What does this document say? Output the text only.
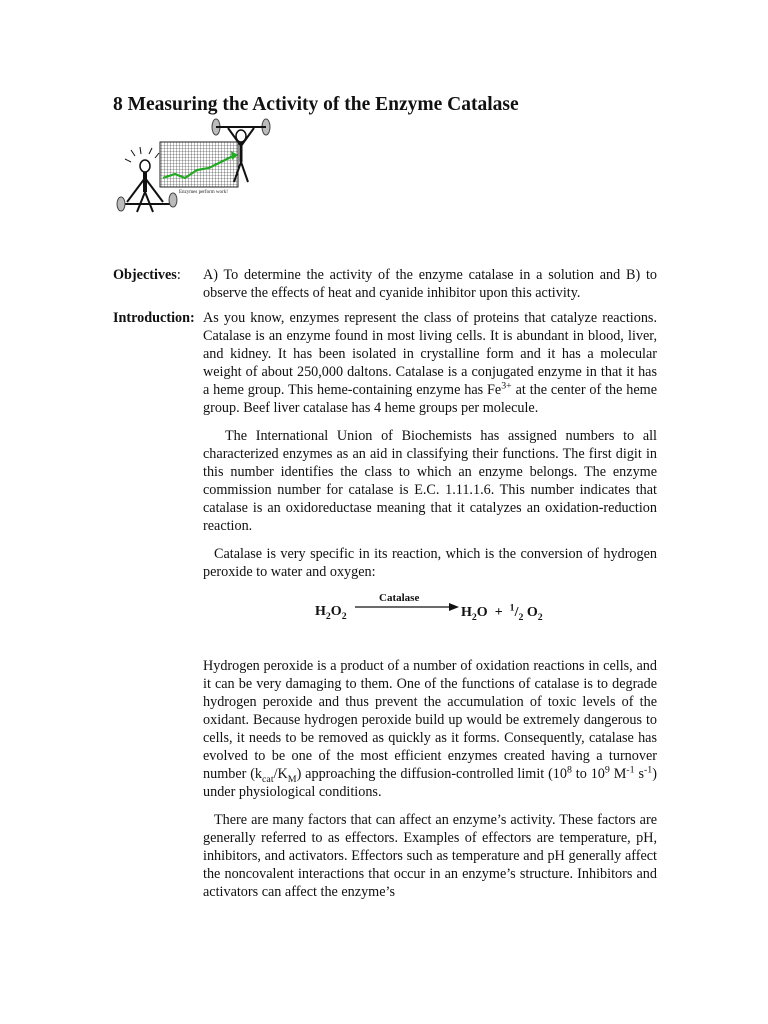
8 Measuring the Activity of the Enzyme Catalase
Enzymes perform work!
Objectives: A) To determine the activity of the enzyme catalase in a solution and B) to observe the effects of heat and cyanide inhibitor upon this activity.

Introduction: As you know, enzymes represent the class of proteins that catalyze reactions. Catalase is an enzyme found in most living cells. It is abundant in blood, liver, and kidney. It has been isolated in crystalline form and it has a molecular weight of about 250,000 daltons. Catalase is a conjugated enzyme in that it has a heme group. This heme-containing enzyme has $Fe^{3+}$ at the center of the heme group. Beef liver catalase has 4 heme groups per molecule.

The International Union of Biochemists has assigned numbers to all characterized enzymes as an aid in classifying their functions. The first digit in this number identifies the class to which an enzyme belongs. The enzyme commission number for catalase is E.C. 1.11.1.6. This number indicates that catalase is an oxidoreductase meaning that it catalyzes an oxidation-reduction reaction.

Catalase is very specific in its reaction, which is the conversion of hydrogen peroxide to water and oxygen:

$H_2O_2$
Catalase
$H_2O + ^1/_2$ $O_2$

Hydrogen peroxide is a product of a number of oxidation reactions in cells, and it can be very damaging to them. One of the functions of catalase is to degrade hydrogen peroxide and thus prevent the accumulation of toxic levels of the oxidant. Because hydrogen peroxide build up would be extremely dangerous to cells, it needs to be removed as quickly as it forms. Consequently, catalase has evolved to be one of the most efficient enzymes created having a turnover number $(k_{cat}/K_M)$ approaching the diffusion-controlled limit ($10^8$ to $10^9$ $M^{-1}$ $s^{-1}$) under physiological conditions.

There are many factors that can affect an enzyme’s activity. These factors are generally referred to as effectors. Examples of effectors are temperature, pH, inhibitors, and activators. Effectors such as temperature and pH generally affect the noncovalent interactions that occur in an enzyme’s structure. Inhibitors and activators can affect the enzyme’s
